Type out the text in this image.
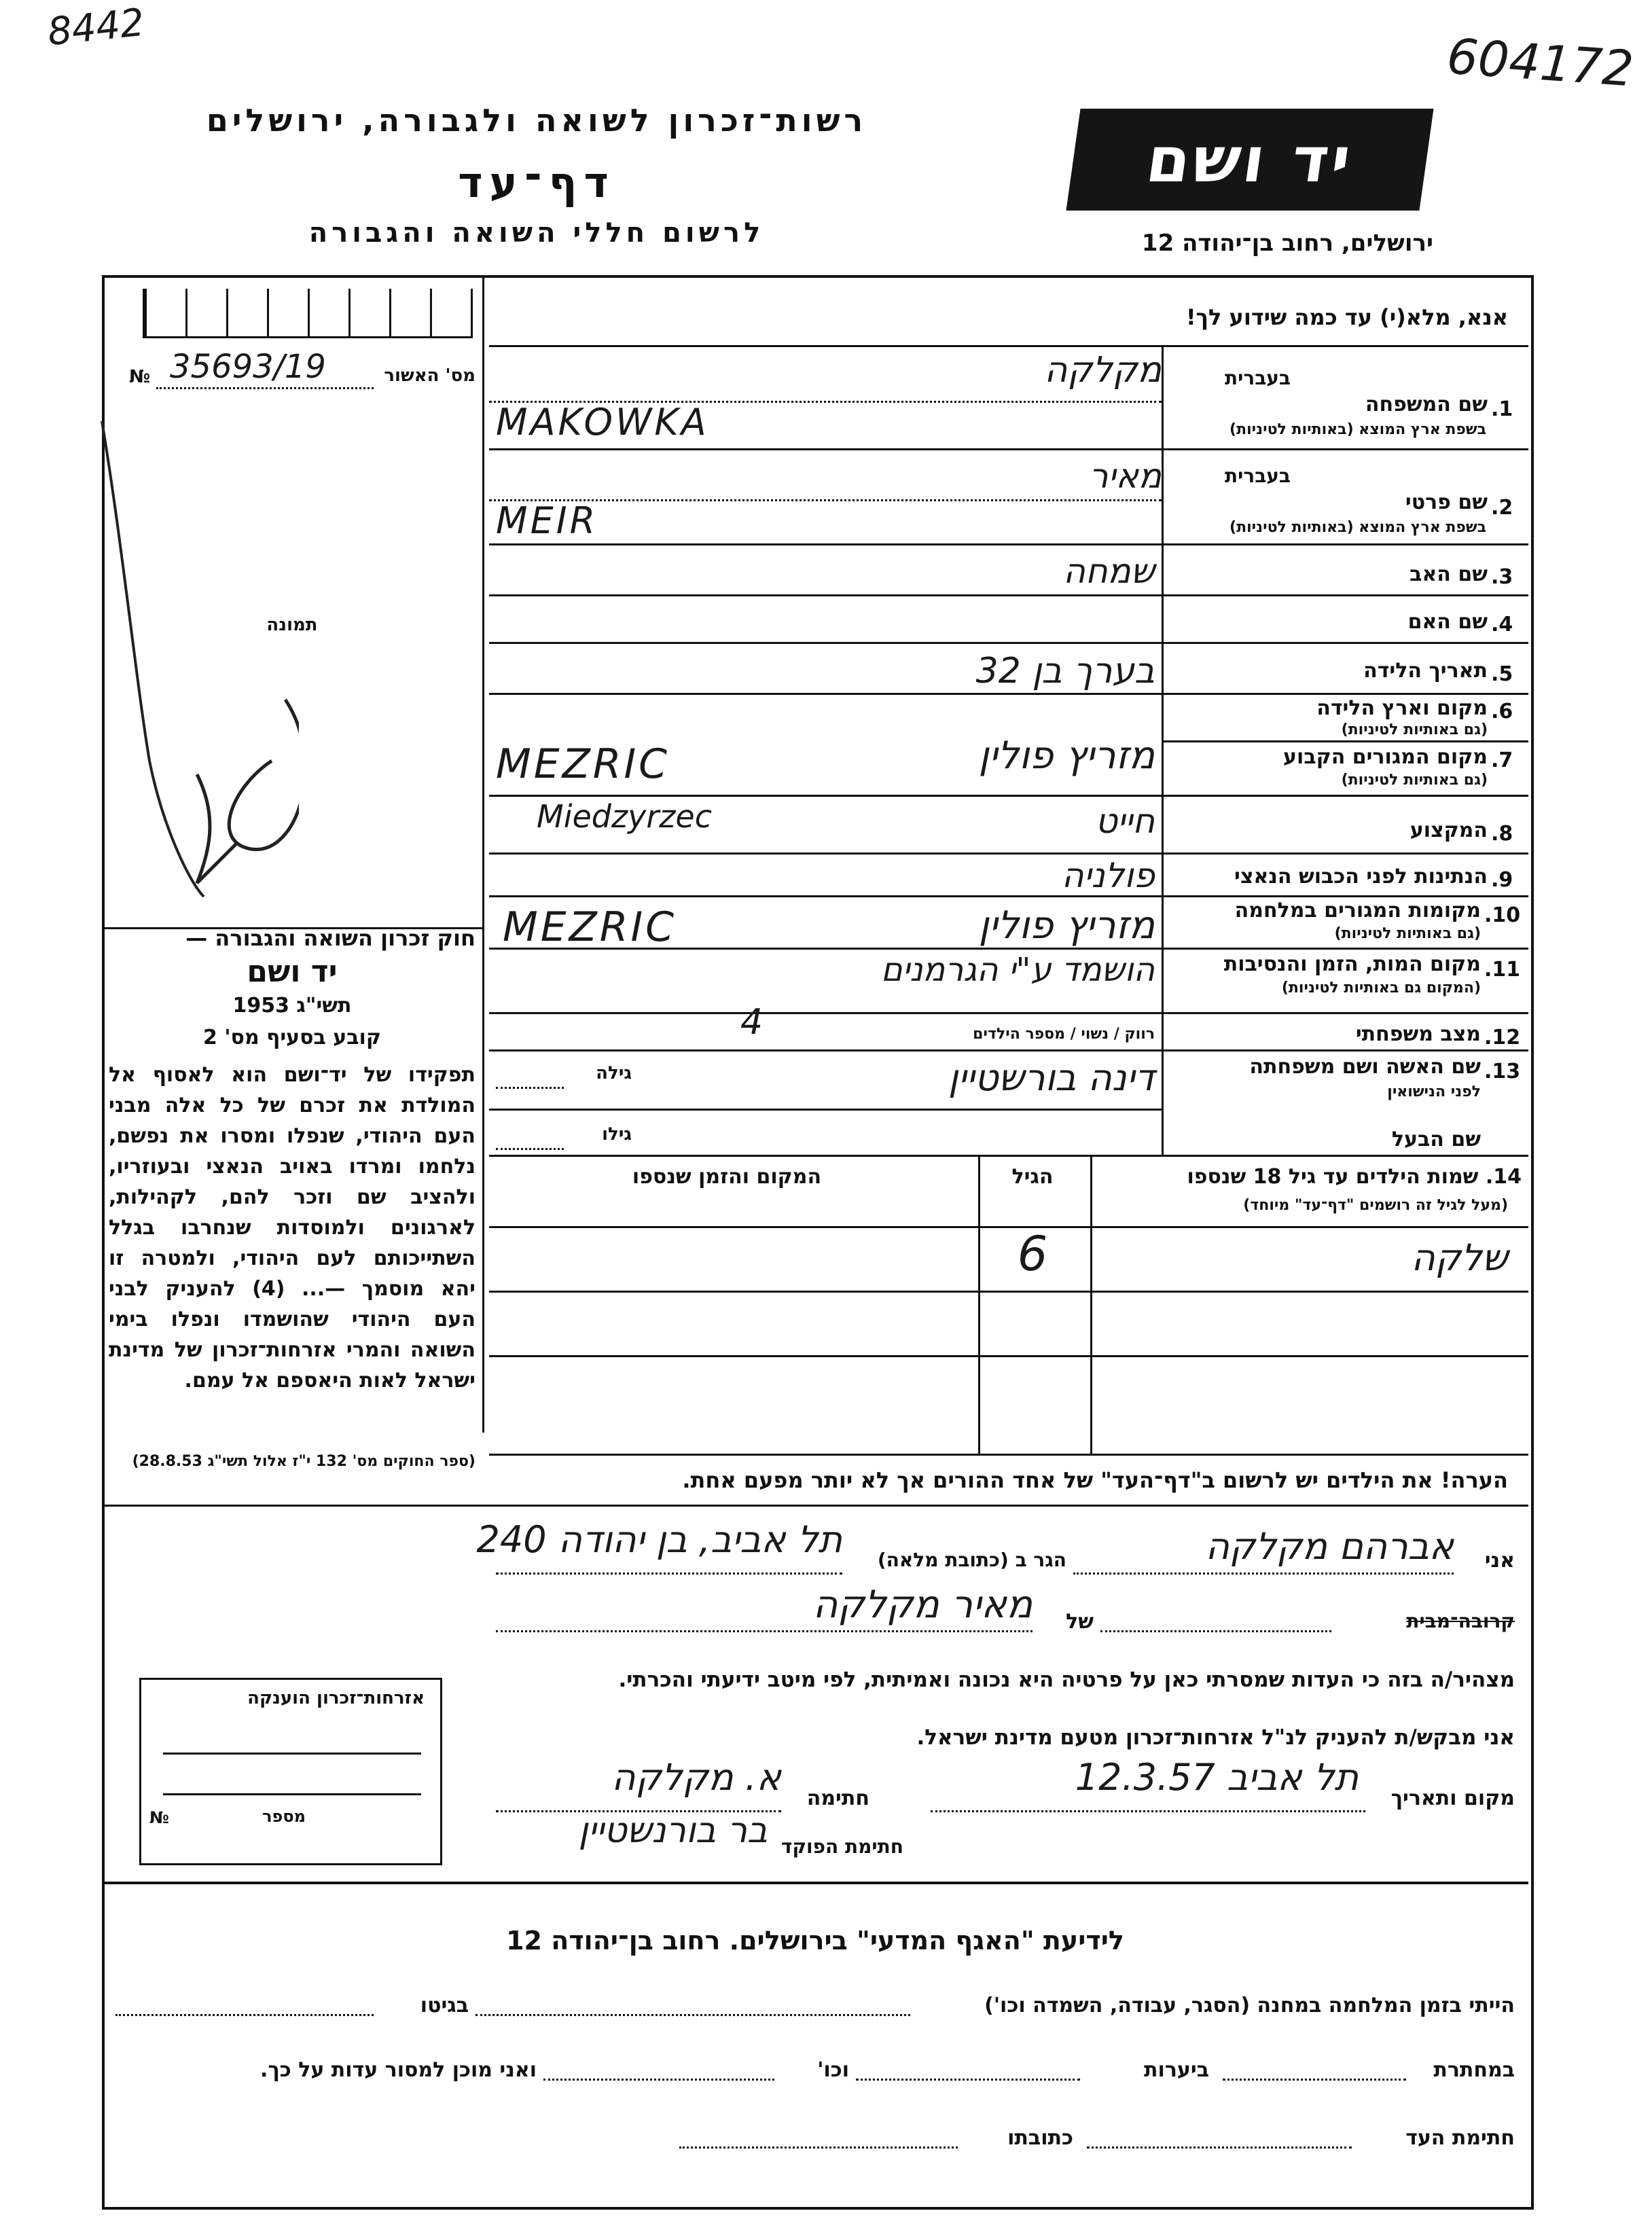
8442
604172
רשות־זכרון לשואה ולגבורה, ירושלים
דף־עד
לרשום חללי השואה והגבורה
יד ושם
ירושלים, רחוב בן־יהודה 12
אנא, מלא(י) עד כמה שידוע לך!
מס' האשור
35693/19
№
תמונה
חוק זכרון השואה והגבורה —
יד ושם
תשי"ג 1953
קובע בסעיף מס' 2
תפקידו של יד־ושם הוא לאסוף אל המולדת את זכרם של כל אלה מבני העם היהודי, שנפלו ומסרו את נפשם, נלחמו ומרדו באויב הנאצי ובעוזריו, ולהציב שם וזכר להם, לקהילות, לארגונים ולמוסדות שנחרבו בגלל השתייכותם לעם היהודי, ולמטרה זו יהא מוסמך —... (4) להעניק לבני העם היהודי שהושמדו ונפלו בימי השואה והמרי אזרחות־זכרון של מדינת ישראל לאות היאספם אל עמם.
(ספר החוקים מס' 132 י"ז אלול תשי"ג 28.8.53)
1.
שם המשפחה
בשפת ארץ המוצא (באותיות לטיניות)
בעברית
מקלקה
MAKOWKA
2.
שם פרטי
בשפת ארץ המוצא (באותיות לטיניות)
בעברית
מאיר
MEIR
3.
שם האב
שמחה
4.
שם האם
5.
תאריך הלידה
בערך בן 32
6.
מקום וארץ הלידה
(גם באותיות לטיניות)
מזריץ פולין
MEZRIC	7.
מקום המגורים הקבוע
(גם באותיות לטיניות)
Miedzyrzec	8.
המקצוע
חייט
9.
הנתינות לפני הכבוש הנאצי
פולניה
10.
מקומות המגורים במלחמה
(גם באותיות לטיניות)
מזריץ פולין
MEZRIC
11.
מקום המות, הזמן והנסיבות
(המקום גם באותיות לטיניות)
הושמד ע"י הגרמנים
12.
מצב משפחתי
רווק / נשוי / מספר הילדים
4
13.
שם האשה ושם משפחתה
לפני הנישואין
דינה בורשטיין
גילה
שם הבעל
גילו
14. שמות הילדים עד גיל 18 שנספו
(מעל לגיל זה רושמים "דף־עד" מיוחד)
הגיל
המקום והזמן שנספו
שלקה
6
הערה! את הילדים יש לרשום ב"דף־העד" של אחד ההורים אך לא יותר מפעם אחת.
אני
אברהם מקלקה
הגר ב (כתובת מלאה)
תל אביב, בן יהודה 240
קרובה־מבית
של
מאיר מקלקה
מצהיר/ה בזה כי העדות שמסרתי כאן על פרטיה היא נכונה ואמיתית, לפי מיטב ידיעתי והכרתי.
אני מבקש/ת להעניק לנ"ל אזרחות־זכרון מטעם מדינת ישראל.
מקום ותאריך
תל אביב 12.3.57
חתימה
א. מקלקה
חתימת הפוקד
בר בורנשטיין
אזרחות־זכרון הוענקה
מספר
№
לידיעת "האגף המדעי" בירושלים. רחוב בן־יהודה 12
הייתי בזמן המלחמה במחנה (הסגר, עבודה, השמדה וכו')
בגיטו
במחתרת
ביערות
וכו'
ואני מוכן למסור עדות על כך.
חתימת העד
כתובתו
